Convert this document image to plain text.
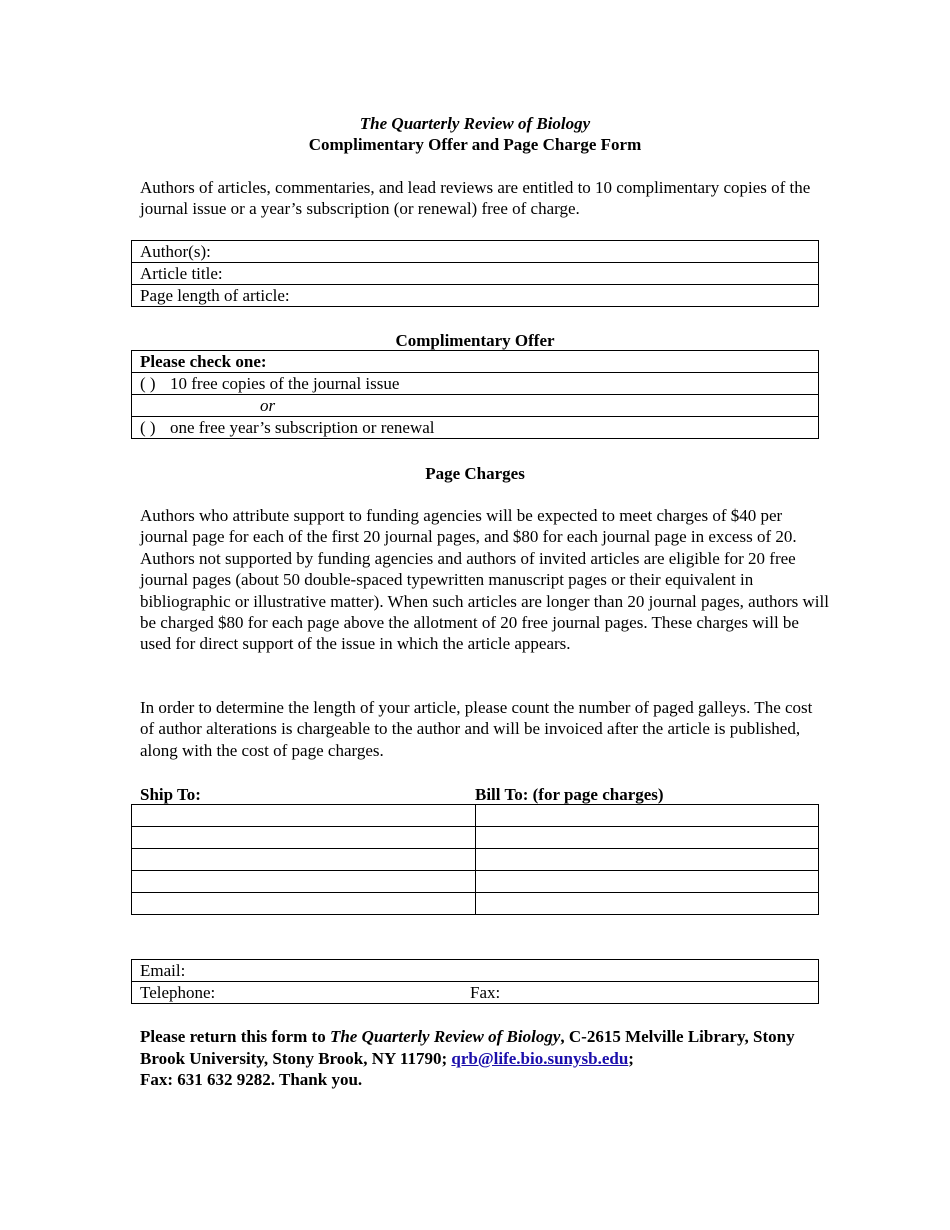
The Quarterly Review of Biology
Complimentary Offer and Page Charge Form
Authors of articles, commentaries, and lead reviews are entitled to 10 complimentary copies of the journal issue or a year’s subscription (or renewal) free of charge.
Author(s):
Article title:
Page length of article:
Complimentary Offer
Please check one:
( ) 10 free copies of the journal issue
or
( ) one free year’s subscription or renewal
Page Charges
Authors who attribute support to funding agencies will be expected to meet charges of $40 per journal page for each of the first 20 journal pages, and $80 for each journal page in excess of 20. Authors not supported by funding agencies and authors of invited articles are eligible for 20 free journal pages (about 50 double-spaced typewritten manuscript pages or their equivalent in bibliographic or illustrative matter). When such articles are longer than 20 journal pages, authors will be charged $80 for each page above the allotment of 20 free journal pages. These charges will be used for direct support of the issue in which the article appears.
In order to determine the length of your article, please count the number of paged galleys. The cost of author alterations is chargeable to the author and will be invoiced after the article is published, along with the cost of page charges.
Ship To:	Bill To: (for page charges)

Email:
Telephone:	Fax:
Please return this form to The Quarterly Review of Biology, C-2615 Melville Library, Stony Brook University, Stony Brook, NY 11790; qrb@life.bio.sunysb.edu;
Fax: 631 632 9282. Thank you.
